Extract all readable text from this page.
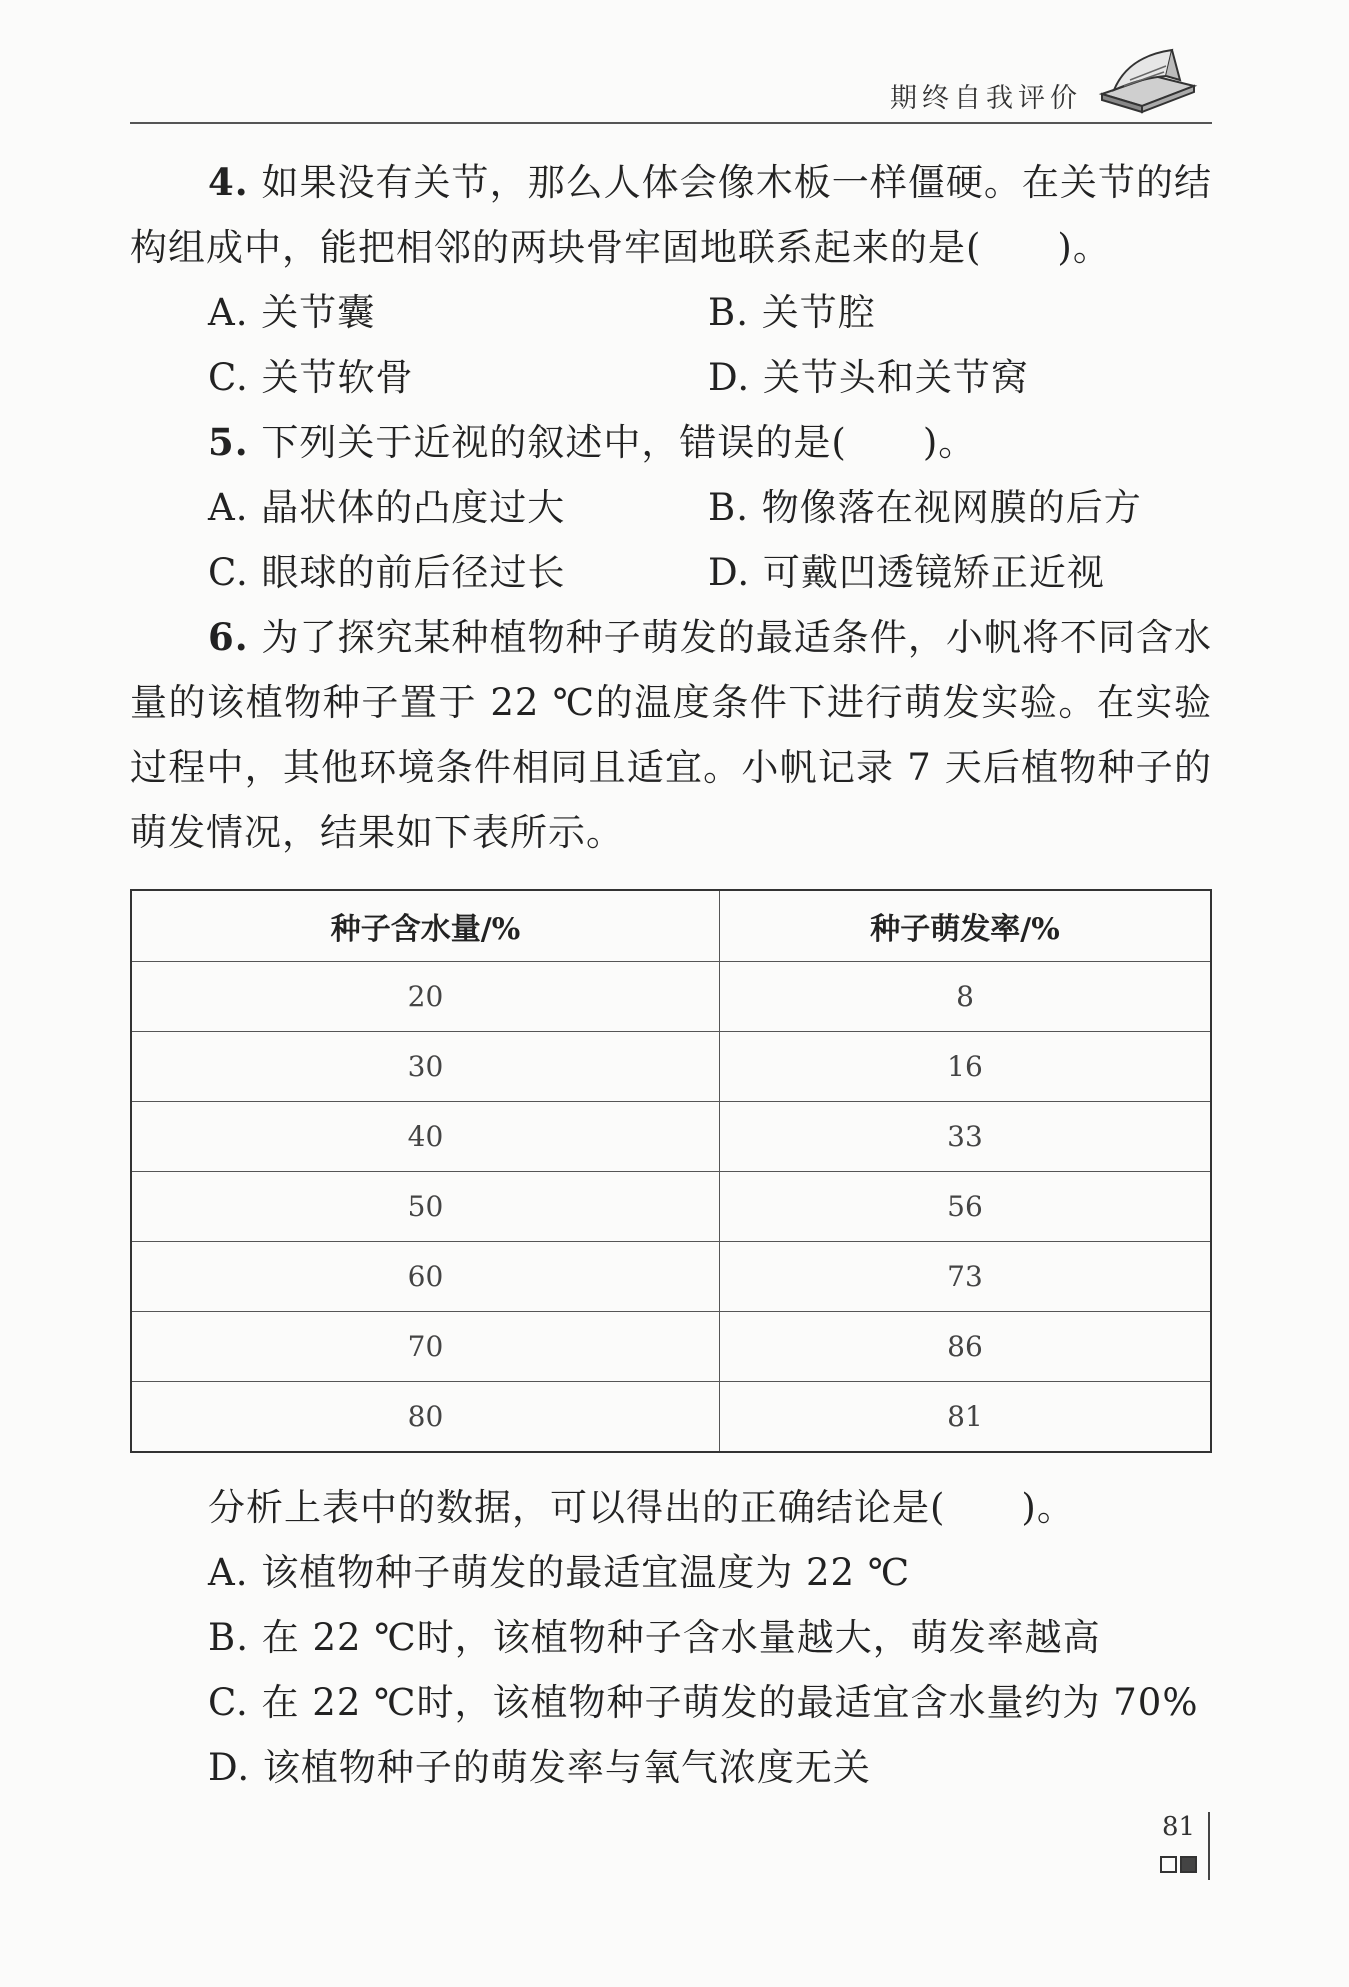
期终自我评价

4. 如果没有关节，那么人体会像木板一样僵硬。在关节的结构组成中，能把相邻的两块骨牢固地联系起来的是(　　)。

A. 关节囊	B. 关节腔
C. 关节软骨	D. 关节头和关节窝

5. 下列关于近视的叙述中，错误的是(　　)。

A. 晶状体的凸度过大	B. 物像落在视网膜的后方
C. 眼球的前后径过长	D. 可戴凹透镜矫正近视

6. 为了探究某种植物种子萌发的最适条件，小帆将不同含水量的该植物种子置于 22 ℃的温度条件下进行萌发实验。在实验过程中，其他环境条件相同且适宜。小帆记录 7 天后植物种子的萌发情况，结果如下表所示。

种子含水量/%	种子萌发率/%
20	8
30	16
40	33
50	56
60	73
70	86
80	81
分析上表中的数据，可以得出的正确结论是(　　)。
A. 该植物种子萌发的最适宜温度为 22 ℃
B. 在 22 ℃时，该植物种子含水量越大，萌发率越高
C. 在 22 ℃时，该植物种子萌发的最适宜含水量约为 70%
D. 该植物种子的萌发率与氧气浓度无关
81
